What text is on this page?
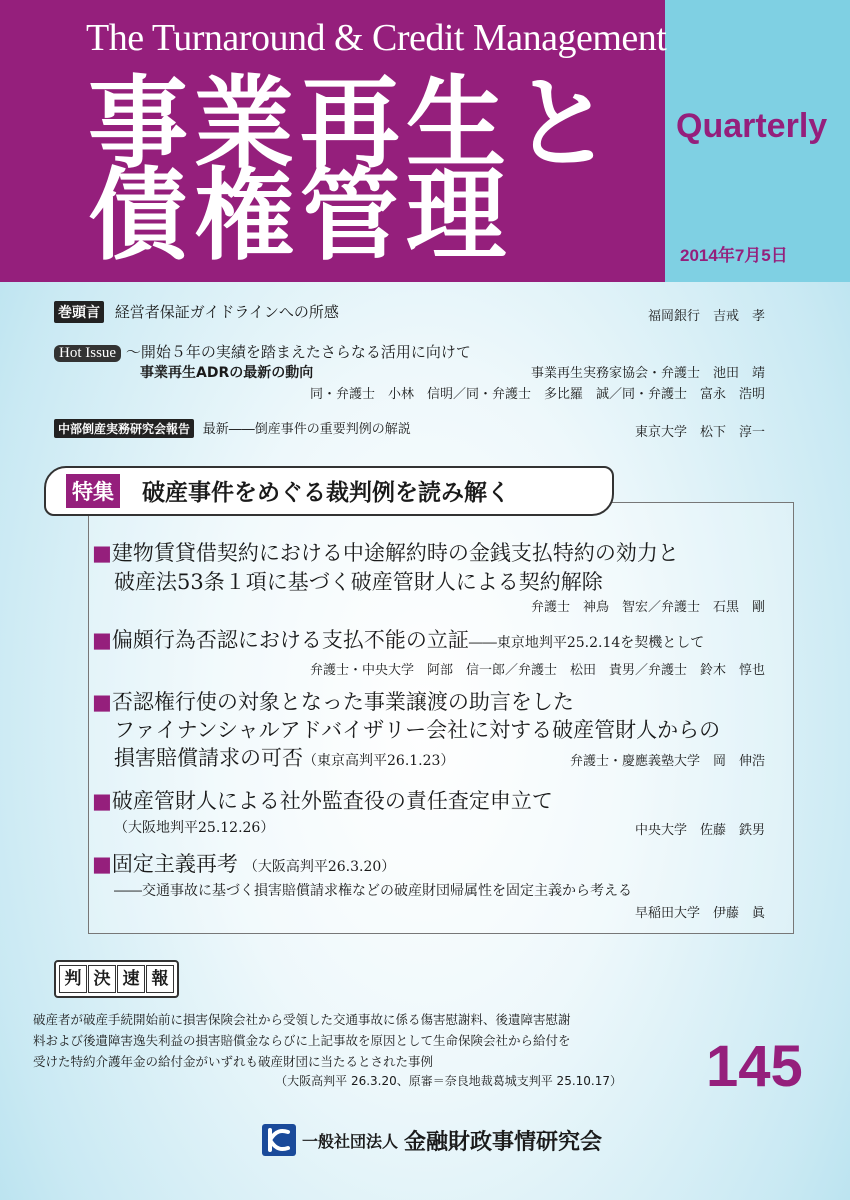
The Turnaround & Credit Management
事業再生と
債権管理
Quarterly
2014年7月5日
巻頭言 経営者保証ガイドラインへの所感	福岡銀行　吉戒　孝
Hot Issue ～開始５年の実績を踏まえたさらなる活用に向けて
事業再生ADRの最新の動向	事業再生実務家協会・弁護士　池田　靖
同・弁護士　小林　信明／同・弁護士　多比羅　誠／同・弁護士　富永　浩明
中部倒産実務研究会報告 最新――倒産事件の重要判例の解説	東京大学　松下　淳一
特集 破産事件をめぐる裁判例を読み解く
■建物賃貸借契約における中途解約時の金銭支払特約の効力と
破産法53条１項に基づく破産管財人による契約解除
弁護士　神鳥　智宏／弁護士　石黒　剛
■偏頗行為否認における支払不能の立証――東京地判平25.2.14を契機として
弁護士・中央大学　阿部　信一郎／弁護士　松田　貴男／弁護士　鈴木　惇也
■否認権行使の対象となった事業譲渡の助言をした
ファイナンシャルアドバイザリー会社に対する破産管財人からの
損害賠償請求の可否（東京高判平26.1.23）	弁護士・慶應義塾大学　岡　伸浩
■破産管財人による社外監査役の責任査定申立て
（大阪地判平25.12.26）	中央大学　佐藤　鉄男
■固定主義再考 （大阪高判平26.3.20）
――交通事故に基づく損害賠償請求権などの破産財団帰属性を固定主義から考える
早稲田大学　伊藤　眞
判 決 速 報
破産者が破産手続開始前に損害保険会社から受領した交通事故に係る傷害慰謝料、後遺障害慰謝
料および後遺障害逸失利益の損害賠償金ならびに上記事故を原因として生命保険会社から給付を
受けた特約介護年金の給付金がいずれも破産財団に当たるとされた事例
（大阪高判平 26.3.20、原審＝奈良地裁葛城支判平 25.10.17） 145
一般社団法人 金融財政事情研究会
